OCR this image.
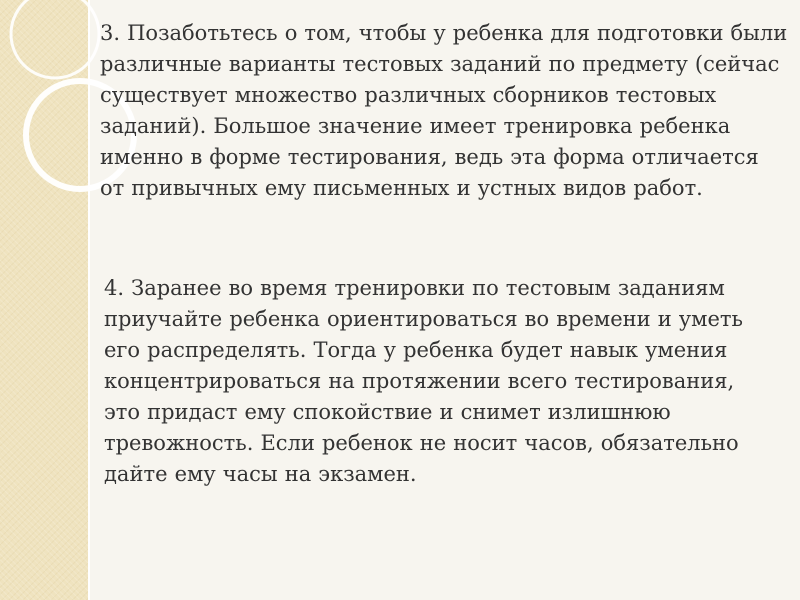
3. Позаботьтесь о том, чтобы у ребенка для подготовки были различные варианты тестовых заданий по предмету (сейчас существует множество различных сборников тестовых заданий). Большое значение имеет тренировка ребенка именно в форме тестирования, ведь эта форма отличается от привычных ему письменных и устных видов работ.

4. Заранее во время тренировки по тестовым заданиям приучайте ребенка ориентироваться во времени и уметь его распределять. Тогда у ребенка будет навык умения концентрироваться на протяжении всего тестирования, это придаст ему спокойствие и снимет излишнюю тревожность. Если ребенок не носит часов, обязательно дайте ему часы на экзамен.
